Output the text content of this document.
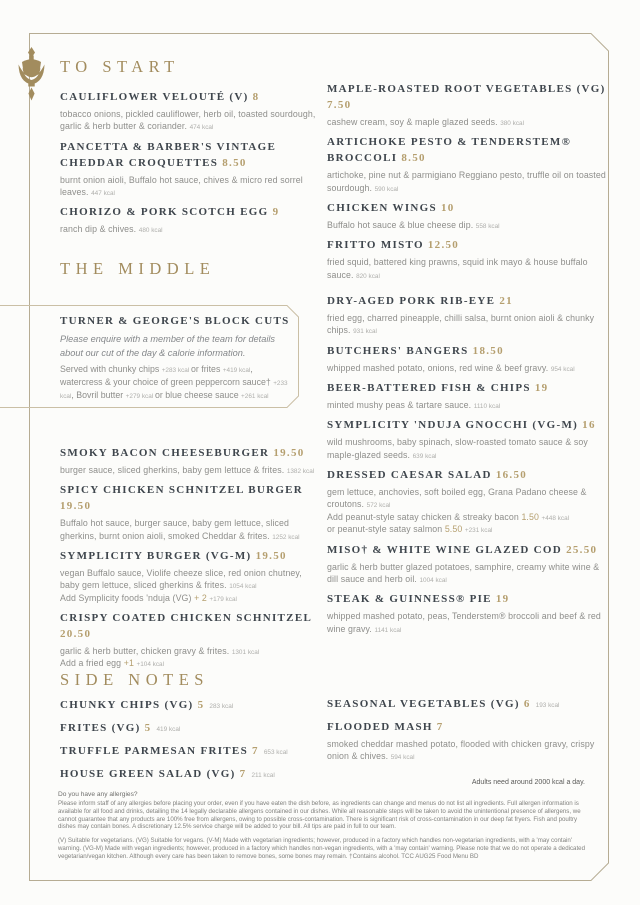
TO START
CAULIFLOWER VELOUTÉ (V) 8

tobacco onions, pickled cauliflower, herb oil, toasted sourdough, garlic & herb butter & coriander. 474 kcal

PANCETTA & BARBER'S VINTAGE CHEDDAR CROQUETTES 8.50

burnt onion aioli, Buffalo hot sauce, chives & micro red sorrel leaves. 447 kcal

CHORIZO & PORK SCOTCH EGG 9

ranch dip & chives. 480 kcal

MAPLE-ROASTED ROOT VEGETABLES (VG) 7.50

cashew cream, soy & maple glazed seeds. 380 kcal

ARTICHOKE PESTO & TENDERSTEM® BROCCOLI 8.50

artichoke, pine nut & parmigiano Reggiano pesto, truffle oil on toasted sourdough. 590 kcal

CHICKEN WINGS 10

Buffalo hot sauce & blue cheese dip. 558 kcal

FRITTO MISTO 12.50

fried squid, battered king prawns, squid ink mayo & house buffalo sauce. 820 kcal

THE MIDDLE
TURNER & GEORGE'S BLOCK CUTS

Please enquire with a member of the team for details about our cut of the day & calorie information.

Served with chunky chips +283 kcal or frites +419 kcal, watercress & your choice of green peppercorn sauce† +233 kcal, Bovril butter +279 kcal or blue cheese sauce +261 kcal

SMOKY BACON CHEESEBURGER 19.50

burger sauce, sliced gherkins, baby gem lettuce & frites. 1382 kcal

SPICY CHICKEN SCHNITZEL BURGER 19.50

Buffalo hot sauce, burger sauce, baby gem lettuce, sliced gherkins, burnt onion aioli, smoked Cheddar & frites. 1252 kcal

SYMPLICITY BURGER (VG-M) 19.50

vegan Buffalo sauce, Violife cheeze slice, red onion chutney, baby gem lettuce, sliced gherkins & frites. 1054 kcal

Add Symplicity foods 'nduja (VG) + 2 +179 kcal

CRISPY COATED CHICKEN SCHNITZEL 20.50

garlic & herb butter, chicken gravy & frites. 1301 kcal

Add a fried egg +1 +104 kcal

DRY-AGED PORK RIB-EYE 21

fried egg, charred pineapple, chilli salsa, burnt onion aioli & chunky chips. 931 kcal

BUTCHERS' BANGERS 18.50

whipped mashed potato, onions, red wine & beef gravy. 954 kcal

BEER-BATTERED FISH & CHIPS 19

minted mushy peas & tartare sauce. 1110 kcal

SYMPLICITY 'NDUJA GNOCCHI (VG-M) 16

wild mushrooms, baby spinach, slow-roasted tomato sauce & soy maple-glazed seeds. 639 kcal

DRESSED CAESAR SALAD 16.50

gem lettuce, anchovies, soft boiled egg, Grana Padano cheese & croutons. 572 kcal

Add peanut-style satay chicken & streaky bacon 1.50 +448 kcal

or peanut-style satay salmon 5.50 +231 kcal

MISO† & WHITE WINE GLAZED COD 25.50

garlic & herb butter glazed potatoes, samphire, creamy white wine & dill sauce and herb oil. 1004 kcal

STEAK & GUINNESS® PIE 19

whipped mashed potato, peas, Tenderstem® broccoli and beef & red wine gravy. 1141 kcal

SIDE NOTES
CHUNKY CHIPS (VG) 5 283 kcal
FRITES (VG) 5 419 kcal
TRUFFLE PARMESAN FRITES 7 653 kcal
HOUSE GREEN SALAD (VG) 7 211 kcal
SEASONAL VEGETABLES (VG) 6 193 kcal
FLOODED MASH 7

smoked cheddar mashed potato, flooded with chicken gravy, crispy onion & chives. 594 kcal

Adults need around 2000 kcal a day.

Do you have any allergies?

Please inform staff of any allergies before placing your order, even if you have eaten the dish before, as ingredients can change and menus do not list all ingredients. Full allergen information is available for all food and drinks, detailing the 14 legally declarable allergens contained in our dishes. While all reasonable steps will be taken to avoid the unintentional presence of allergens, we cannot guarantee that any products are 100% free from allergens, owing to possible cross-contamination. There is significant risk of cross-contamination in our deep fat fryers. Fish and poultry dishes may contain bones. A discretionary 12.5% service charge will be added to your bill. All tips are paid in full to our team.

(V) Suitable for vegetarians. (VG) Suitable for vegans. (V-M) Made with vegetarian ingredients; however, produced in a factory which handles non-vegetarian ingredients, with a 'may contain' warning. (VG-M) Made with vegan ingredients; however, produced in a factory which handles non-vegan ingredients, with a 'may contain' warning. Please note that we do not operate a dedicated vegetarian/vegan kitchen. Although every care has been taken to remove bones, some bones may remain. †Contains alcohol. TCC AUG25 Food Menu BD
